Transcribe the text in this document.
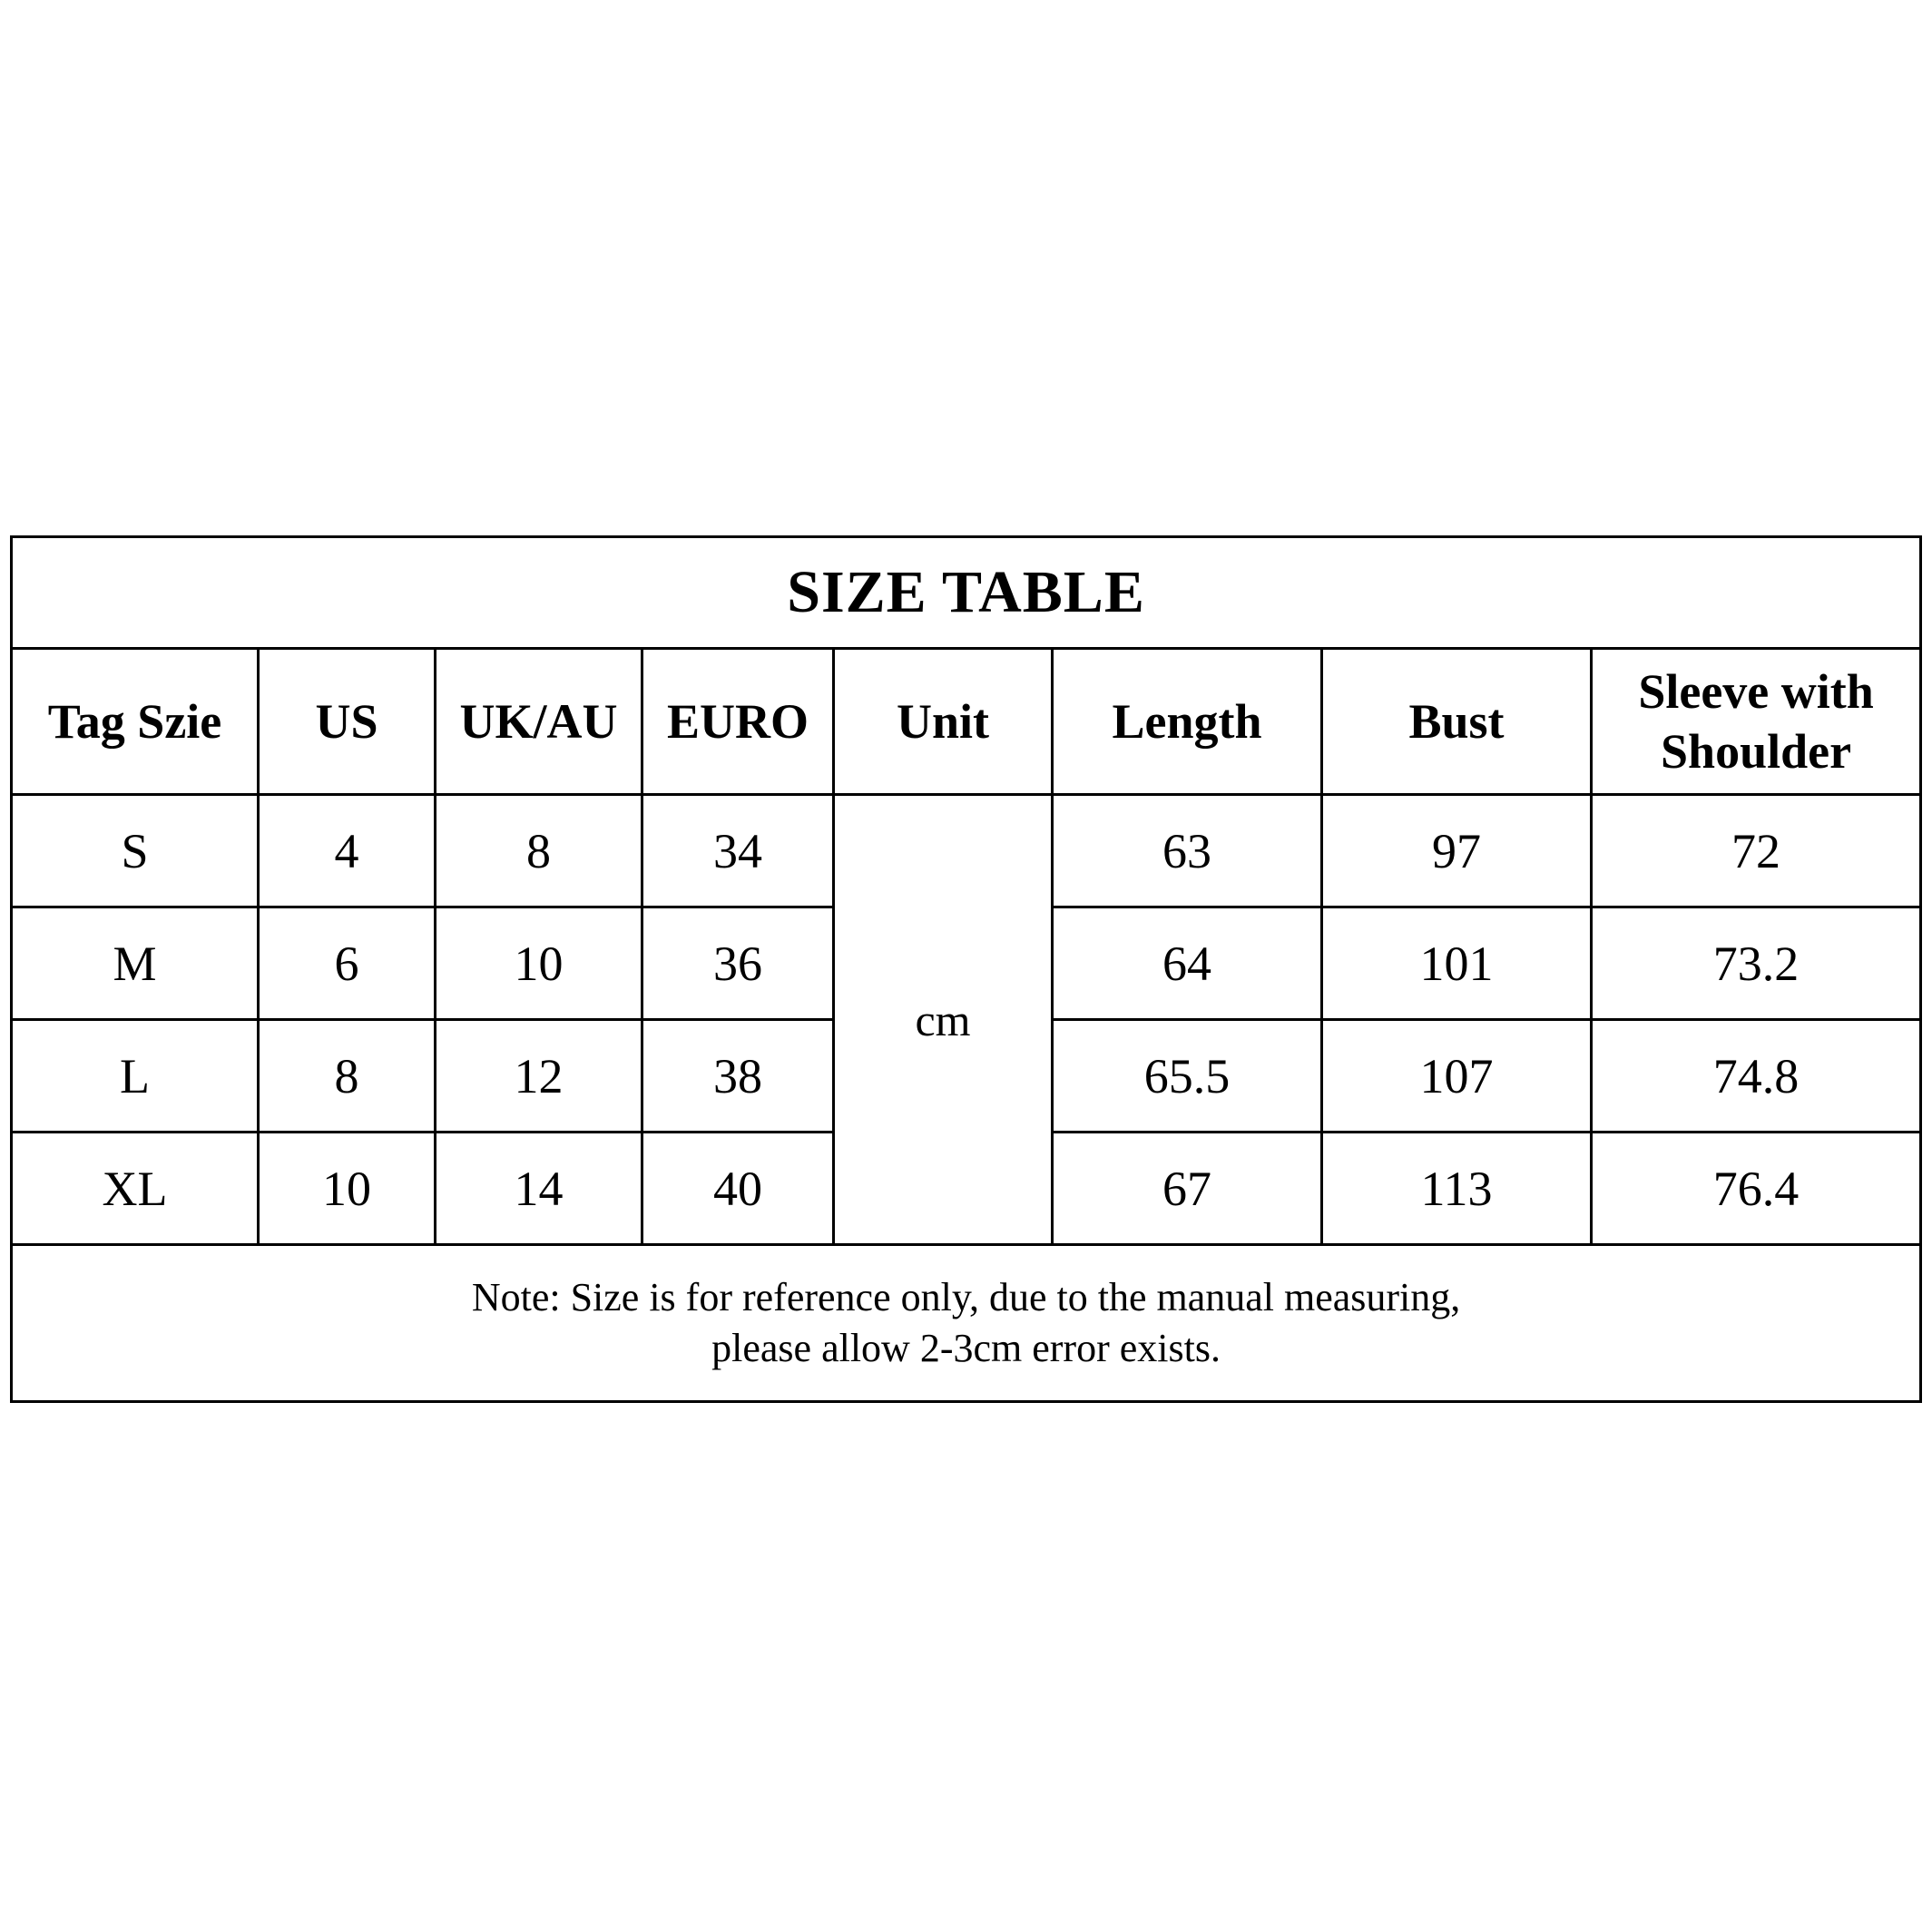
SIZE TABLE							
Tag Szie	US	UK/AU	EURO	Unit	Length	Bust	Sleeve with
Shoulder

S	4	8	34	cm	63	97	72
M	6	10	36		64	101	73.2
L	8	12	38		65.5	107	74.8
XL	10	14	40		67	113	76.4

Note: Size is for reference only, due to the manual measuring,
please allow 2-3cm error exists.							
